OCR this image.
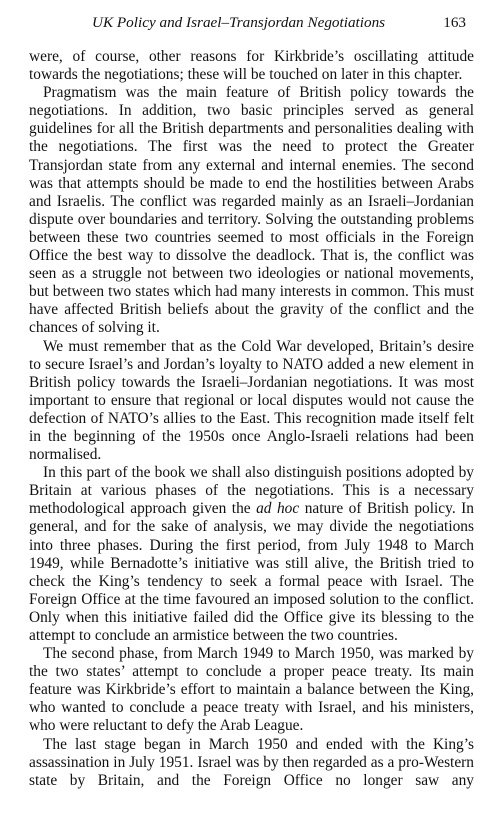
UK Policy and Israel–Transjordan Negotiations	163

were, of course, other reasons for Kirkbride’s oscillating attitude towards the negotiations; these will be touched on later in this chapter.

Pragmatism was the main feature of British policy towards the negotiations. In addition, two basic principles served as general guidelines for all the British departments and personalities dealing with the negotiations. The first was the need to protect the Greater Transjordan state from any external and internal enemies. The second was that attempts should be made to end the hostilities between Arabs and Israelis. The conflict was regarded mainly as an Israeli–Jordanian dispute over boundaries and territory. Solving the outstanding problems between these two countries seemed to most officials in the Foreign Office the best way to dissolve the deadlock. That is, the conflict was seen as a struggle not between two ideologies or national movements, but between two states which had many interests in common. This must have affected British beliefs about the gravity of the conflict and the chances of solving it.

We must remember that as the Cold War developed, Britain’s desire to secure Israel’s and Jordan’s loyalty to NATO added a new element in British policy towards the Israeli–Jordanian negotiations. It was most important to ensure that regional or local disputes would not cause the defection of NATO’s allies to the East. This recognition made itself felt in the beginning of the 1950s once Anglo-Israeli relations had been normalised.

In this part of the book we shall also distinguish positions adopted by Britain at various phases of the negotiations. This is a necessary methodological approach given the ad hoc nature of British policy. In general, and for the sake of analysis, we may divide the negotiations into three phases. During the first period, from July 1948 to March 1949, while Bernadotte’s initiative was still alive, the British tried to check the King’s tendency to seek a formal peace with Israel. The Foreign Office at the time favoured an imposed solution to the conflict. Only when this initiative failed did the Office give its blessing to the attempt to conclude an armistice between the two countries.

The second phase, from March 1949 to March 1950, was marked by the two states’ attempt to conclude a proper peace treaty. Its main feature was Kirkbride’s effort to maintain a balance between the King, who wanted to conclude a peace treaty with Israel, and his ministers, who were reluctant to defy the Arab League.

The last stage began in March 1950 and ended with the King’s assassination in July 1951. Israel was by then regarded as a pro-Western state by Britain, and the Foreign Office no longer saw any
